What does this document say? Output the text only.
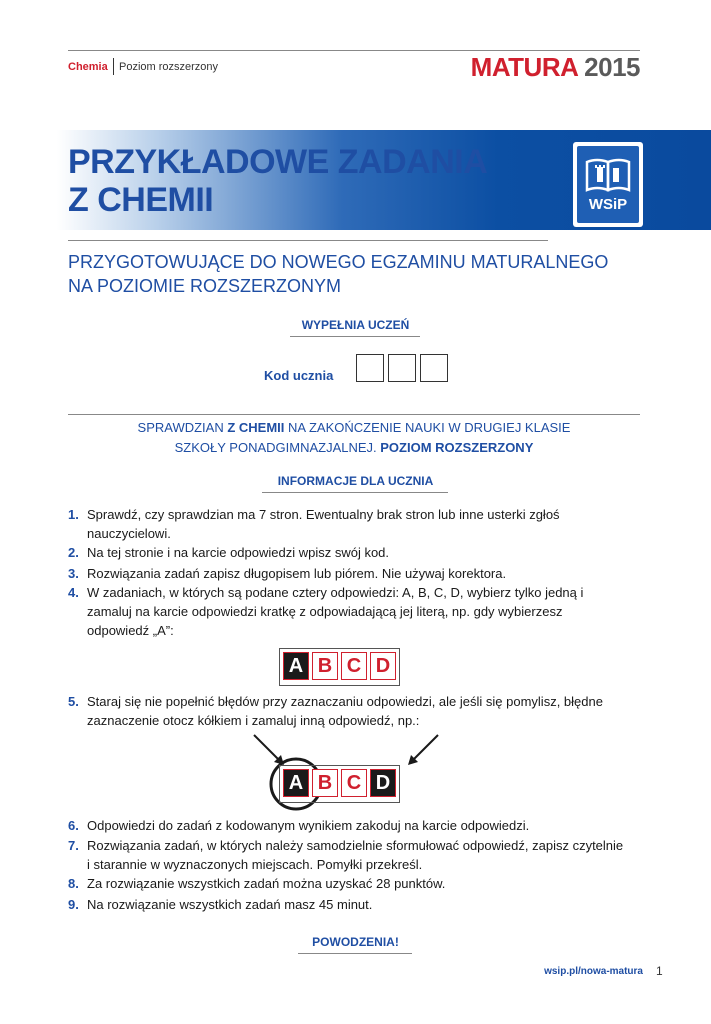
Chemia Poziom rozszerzony	MATURA 2015
PRZYKŁADOWE ZADANIA
Z CHEMII	WSiP
PRZYGOTOWUJĄCE DO NOWEGO EGZAMINU MATURALNEGO
NA POZIOMIE ROZSZERZONYM
WYPEŁNIA UCZEŃ
Kod ucznia
SPRAWDZIAN Z CHEMII NA ZAKOŃCZENIE NAUKI W DRUGIEJ KLASIE
SZKOŁY PONADGIMNAZJALNEJ. POZIOM ROZSZERZONY
INFORMACJE DLA UCZNIA
1. Sprawdź, czy sprawdzian ma 7 stron. Ewentualny brak stron lub inne usterki zgłoś nauczycielowi.
2. Na tej stronie i na karcie odpowiedzi wpisz swój kod.
3. Rozwiązania zadań zapisz długopisem lub piórem. Nie używaj korektora.
4. W zadaniach, w których są podane cztery odpowiedzi: A, B, C, D, wybierz tylko jedną i zamaluj na karcie odpowiedzi kratkę z odpowiadającą jej literą, np. gdy wybierzesz odpowiedź „A”:
A B C D
5. Staraj się nie popełnić błędów przy zaznaczaniu odpowiedzi, ale jeśli się pomylisz, błędne zaznaczenie otocz kółkiem i zamaluj inną odpowiedź, np.:
A B C D
6. Odpowiedzi do zadań z kodowanym wynikiem zakoduj na karcie odpowiedzi.
7. Rozwiązania zadań, w których należy samodzielnie sformułować odpowiedź, zapisz czytelnie i starannie w wyznaczonych miejscach. Pomyłki przekreśl.
8. Za rozwiązanie wszystkich zadań można uzyskać 28 punktów.
9. Na rozwiązanie wszystkich zadań masz 45 minut.
POWODZENIA!
wsip.pl/nowa-matura 1
